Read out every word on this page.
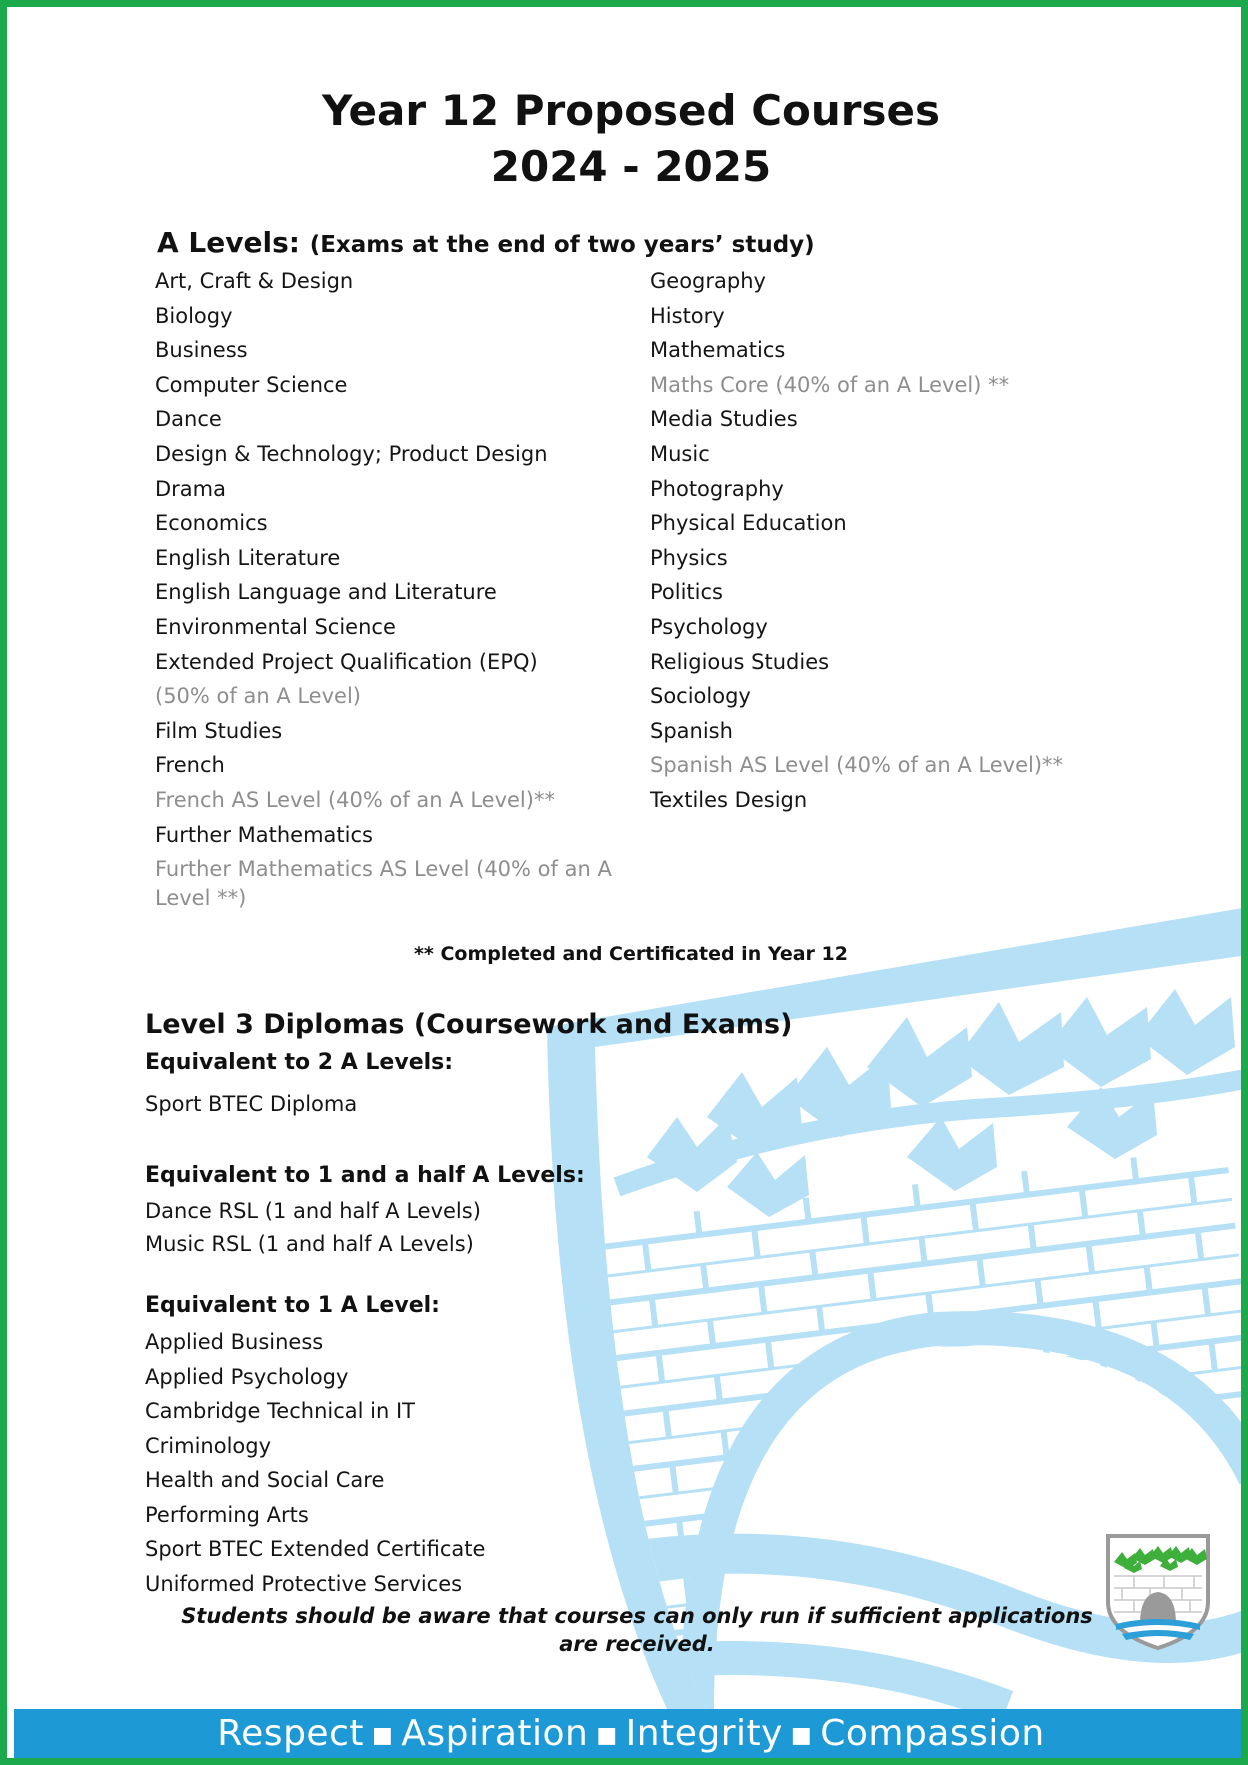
Year 12 Proposed Courses
2024 - 2025
A Levels: (Exams at the end of two years’ study)
Art, Craft & Design
Biology
Business
Computer Science
Dance
Design & Technology; Product Design
Drama
Economics
English Literature
English Language and Literature
Environmental Science
Extended Project Qualification (EPQ)
(50% of an A Level)
Film Studies
French
French AS Level (40% of an A Level)**
Further Mathematics
Further Mathematics AS Level (40% of an A Level **)
Geography
History
Mathematics
Maths Core (40% of an A Level) **
Media Studies
Music
Photography
Physical Education
Physics
Politics
Psychology
Religious Studies
Sociology
Spanish
Spanish AS Level (40% of an A Level)**
Textiles Design
** Completed and Certificated in Year 12
Level 3 Diplomas (Coursework and Exams)
Equivalent to 2 A Levels:
Sport BTEC Diploma
Equivalent to 1 and a half A Levels:
Dance RSL (1 and half A Levels)
Music RSL (1 and half A Levels)
Equivalent to 1 A Level:
Applied Business
Applied Psychology
Cambridge Technical in IT
Criminology
Health and Social Care
Performing Arts
Sport BTEC Extended Certificate
Uniformed Protective Services
Students should be aware that courses can only run if sufficient applications are received.
Respect ■ Aspiration ■ Integrity ■ Compassion
